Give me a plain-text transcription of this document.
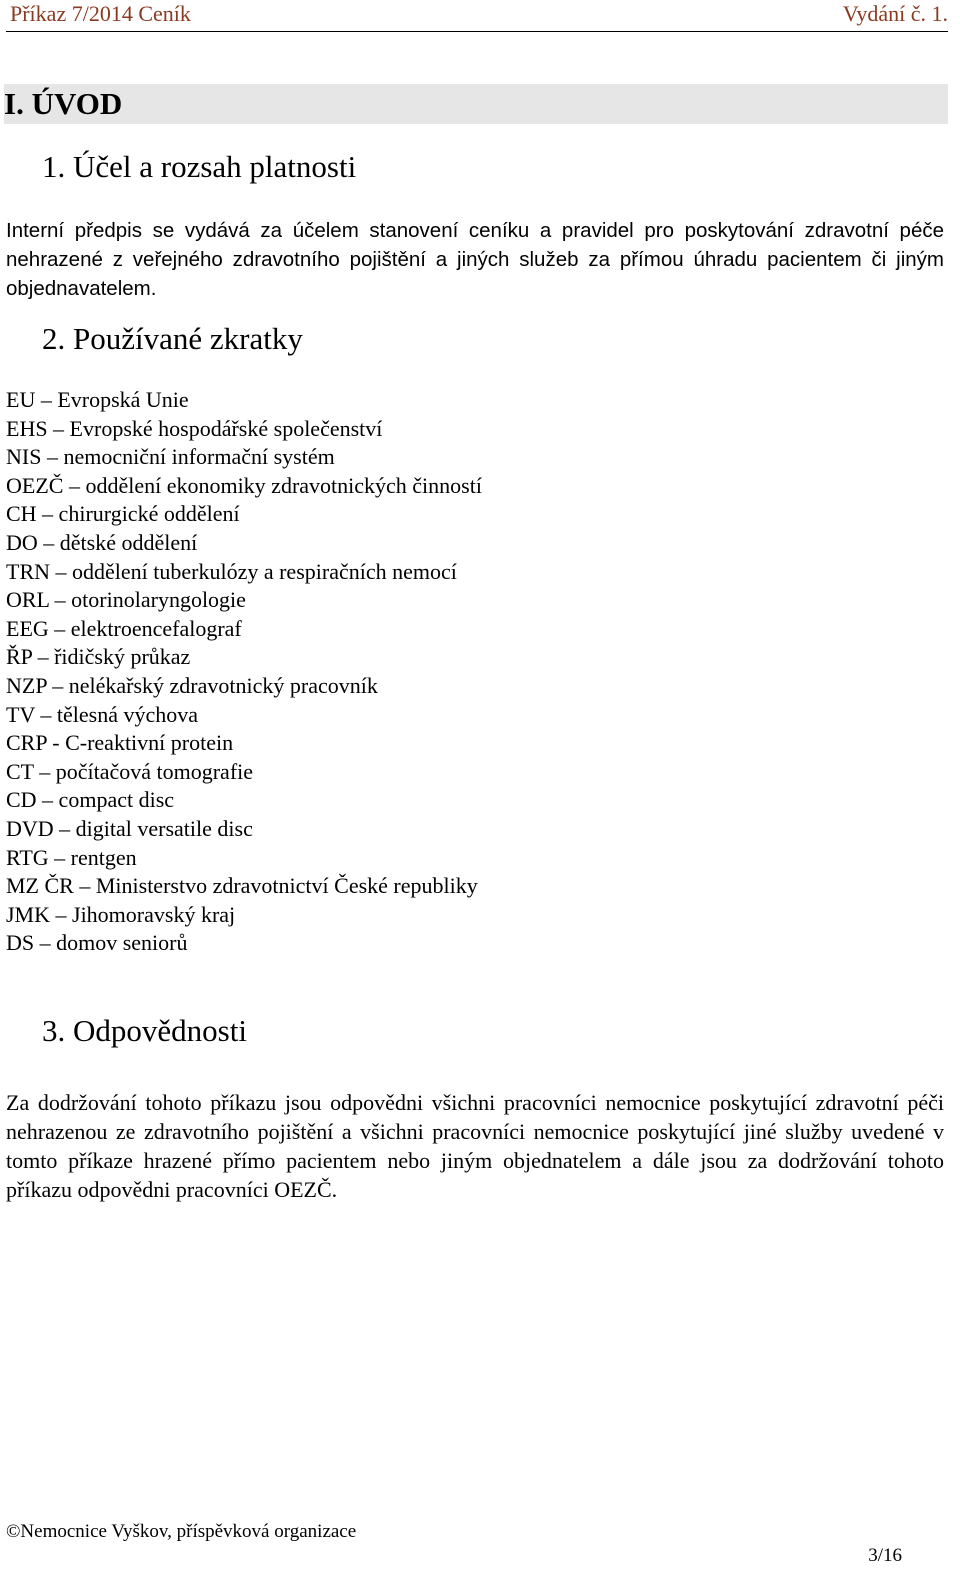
Příkaz 7/2014 Ceník	Vydání č. 1.
I. ÚVOD
1. Účel a rozsah platnosti

Interní předpis se vydává za účelem stanovení ceníku a pravidel pro poskytování zdravotní péče nehrazené z veřejného zdravotního pojištění a jiných služeb za přímou úhradu pacientem či jiným objednavatelem.

2. Používané zkratky
EU – Evropská Unie
EHS – Evropské hospodářské společenství
NIS – nemocniční informační systém
OEZČ – oddělení ekonomiky zdravotnických činností
CH – chirurgické oddělení
DO – dětské oddělení
TRN – oddělení tuberkulózy a respiračních nemocí
ORL – otorinolaryngologie
EEG – elektroencefalograf
ŘP – řidičský průkaz
NZP – nelékařský zdravotnický pracovník
TV – tělesná výchova
CRP - C-reaktivní protein
CT – počítačová tomografie
CD – compact disc
DVD – digital versatile disc
RTG – rentgen
MZ ČR – Ministerstvo zdravotnictví České republiky
JMK – Jihomoravský kraj
DS – domov seniorů
3. Odpovědnosti

Za dodržování tohoto příkazu jsou odpovědni všichni pracovníci nemocnice poskytující zdravotní péči nehrazenou ze zdravotního pojištění a všichni pracovníci nemocnice poskytující jiné služby uvedené v tomto příkaze hrazené přímo pacientem nebo jiným objednatelem a dále jsou za dodržování tohoto příkazu odpovědni pracovníci OEZČ.

©Nemocnice Vyškov, příspěvková organizace
3/16
